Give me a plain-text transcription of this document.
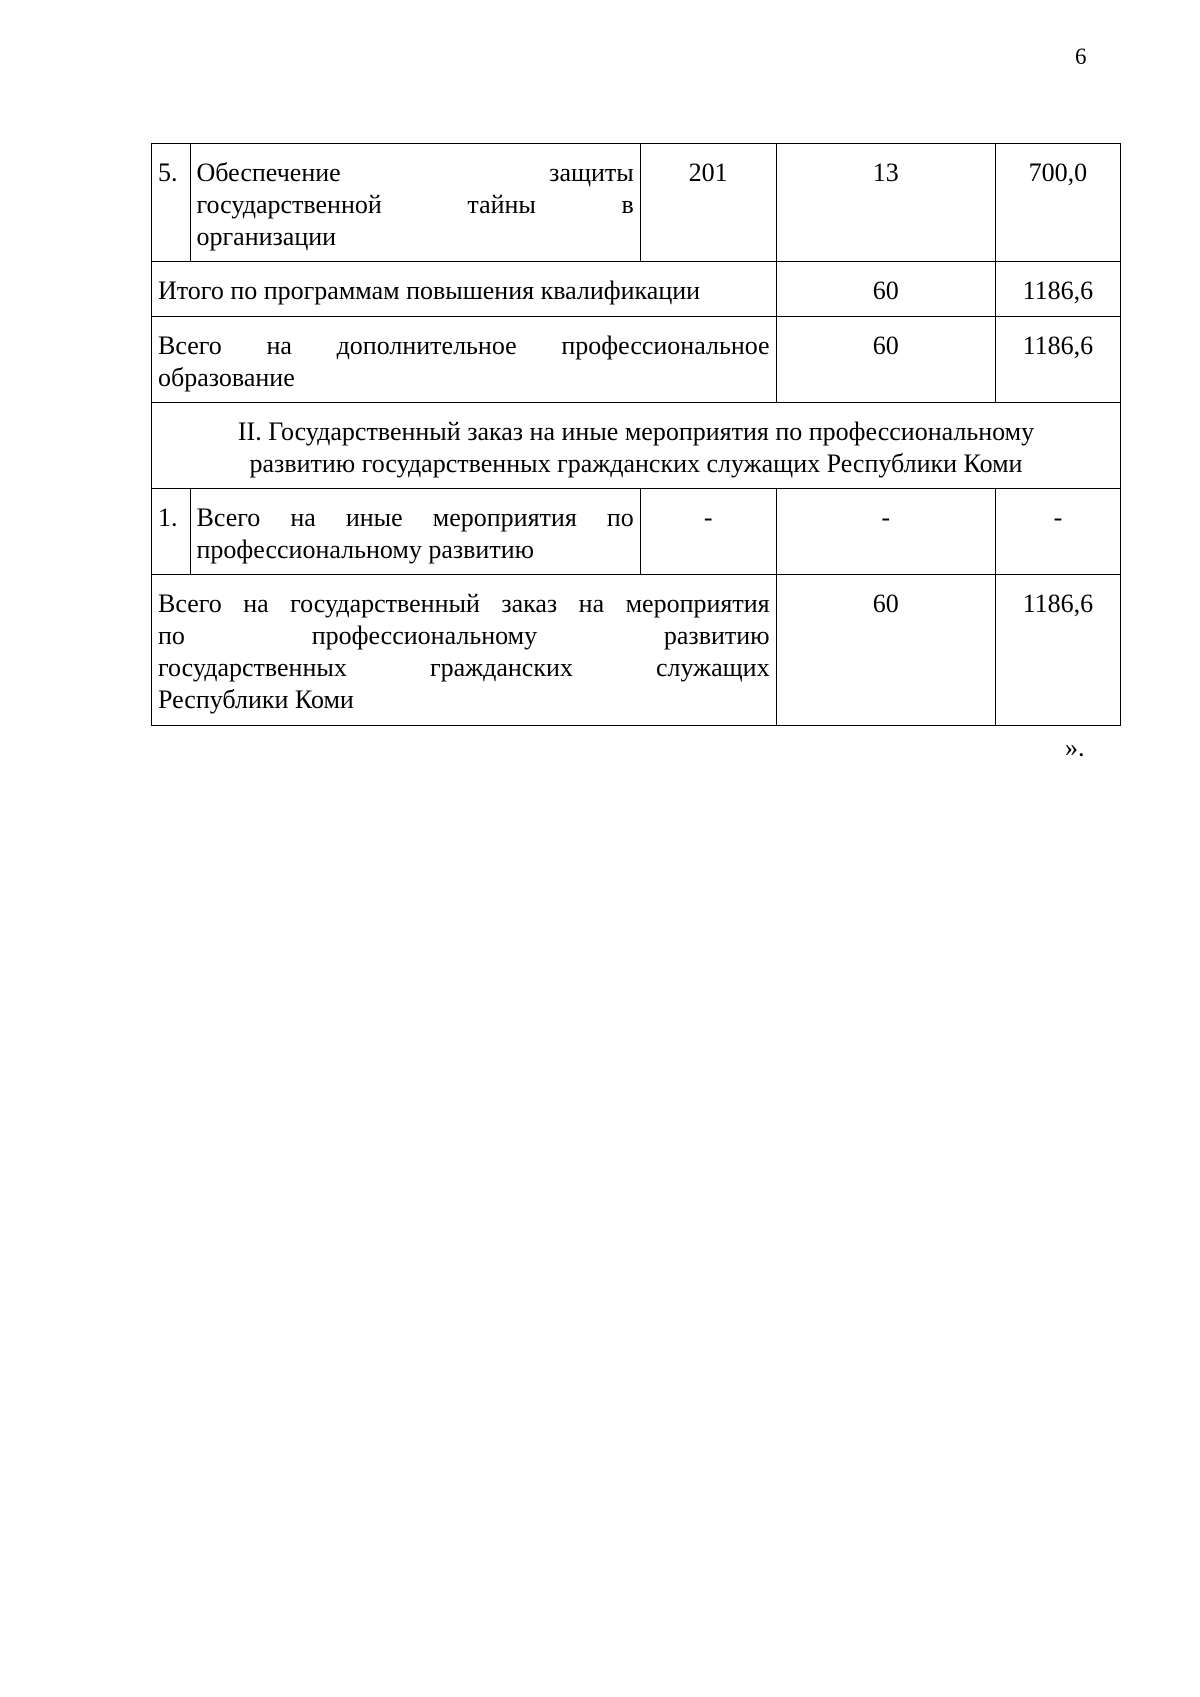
6
5.	Обеспечение защиты
государственной тайны в
организации	201	13	700,0
Итого по программам повышения квалификации			60	1186,6

Всего на дополнительное профессиональное
образование			60	1186,6

II. Государственный заказ на иные мероприятия по профессиональному
развитию государственных гражданских служащих Республики Коми				

1.	Всего на иные мероприятия по
профессиональному развитию	-	-	-

Всего на государственный заказ на мероприятия
по профессиональному развитию
государственных гражданских служащих
Республики Коми			60	1186,6
».
